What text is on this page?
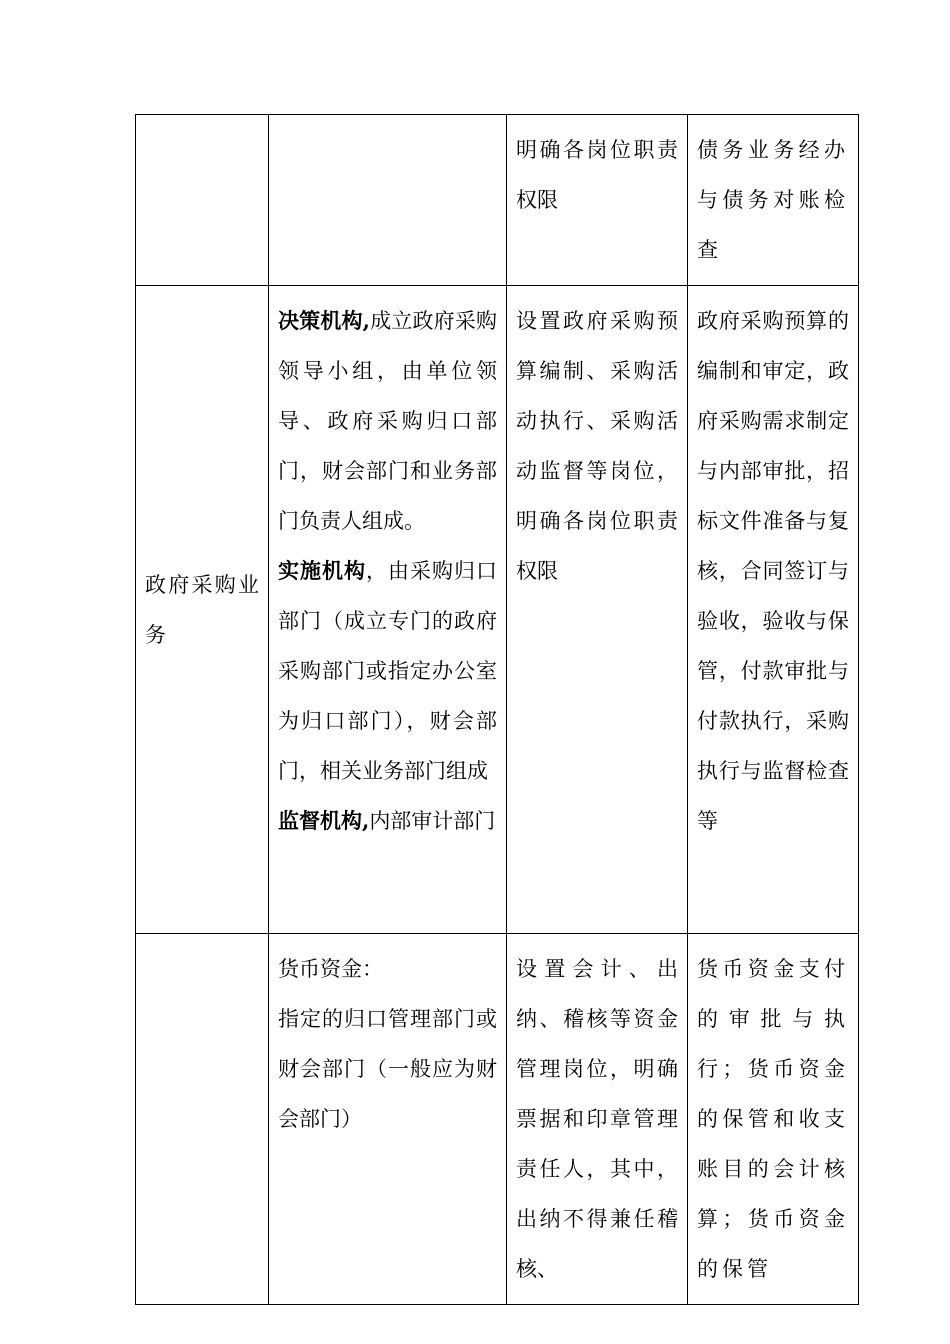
		明确各岗位职责权限	债务业务经办与债务对账检查
政府采购业务	决策机构,成立政府采购领导小组，由单位领导、政府采购归口部门，财会部门和业务部门负责人组成。
实施机构，由采购归口部门（成立专门的政府采购部门或指定办公室为归口部门），财会部门，相关业务部门组成
监督机构,内部审计部门	设置政府采购预算编制、采购活动执行、采购活动监督等岗位，明确各岗位职责权限	政府采购预算的编制和审定，政府采购需求制定与内部审批，招标文件准备与复核，合同签订与验收，验收与保管，付款审批与付款执行，采购执行与监督检查等

	货币资金：
指定的归口管理部门或财会部门（一般应为财会部门）	设置会计、出纳、稽核等资金管理岗位，明确票据和印章管理责任人，其中，出纳不得兼任稽核、	货币资金支付的审批与执行；货币资金的保管和收支账目的会计核算；货币资金的保管
